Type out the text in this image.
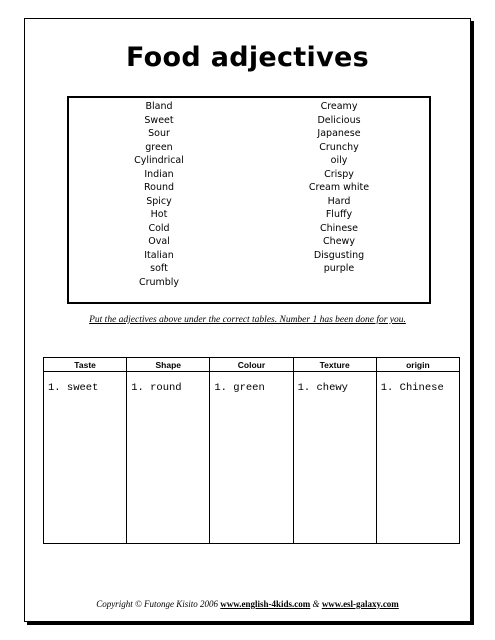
Food adjectives
Bland
Sweet
Sour
green
Cylindrical
Indian
Round
Spicy
Hot
Cold
Oval
Italian
soft
Crumbly
Creamy
Delicious
Japanese
Crunchy
oily
Crispy
Cream white
Hard
Fluffy
Chinese
Chewy
Disgusting
purple
Put the adjectives above under the correct tables. Number 1 has been done for you.
Taste	Shape	Colour	Texture	origin
1. sweet	1. round	1. green	1. chewy	1. Chinese
Copyright © Futonge Kisito 2006 www.english-4kids.com & www.esl-galaxy.com
